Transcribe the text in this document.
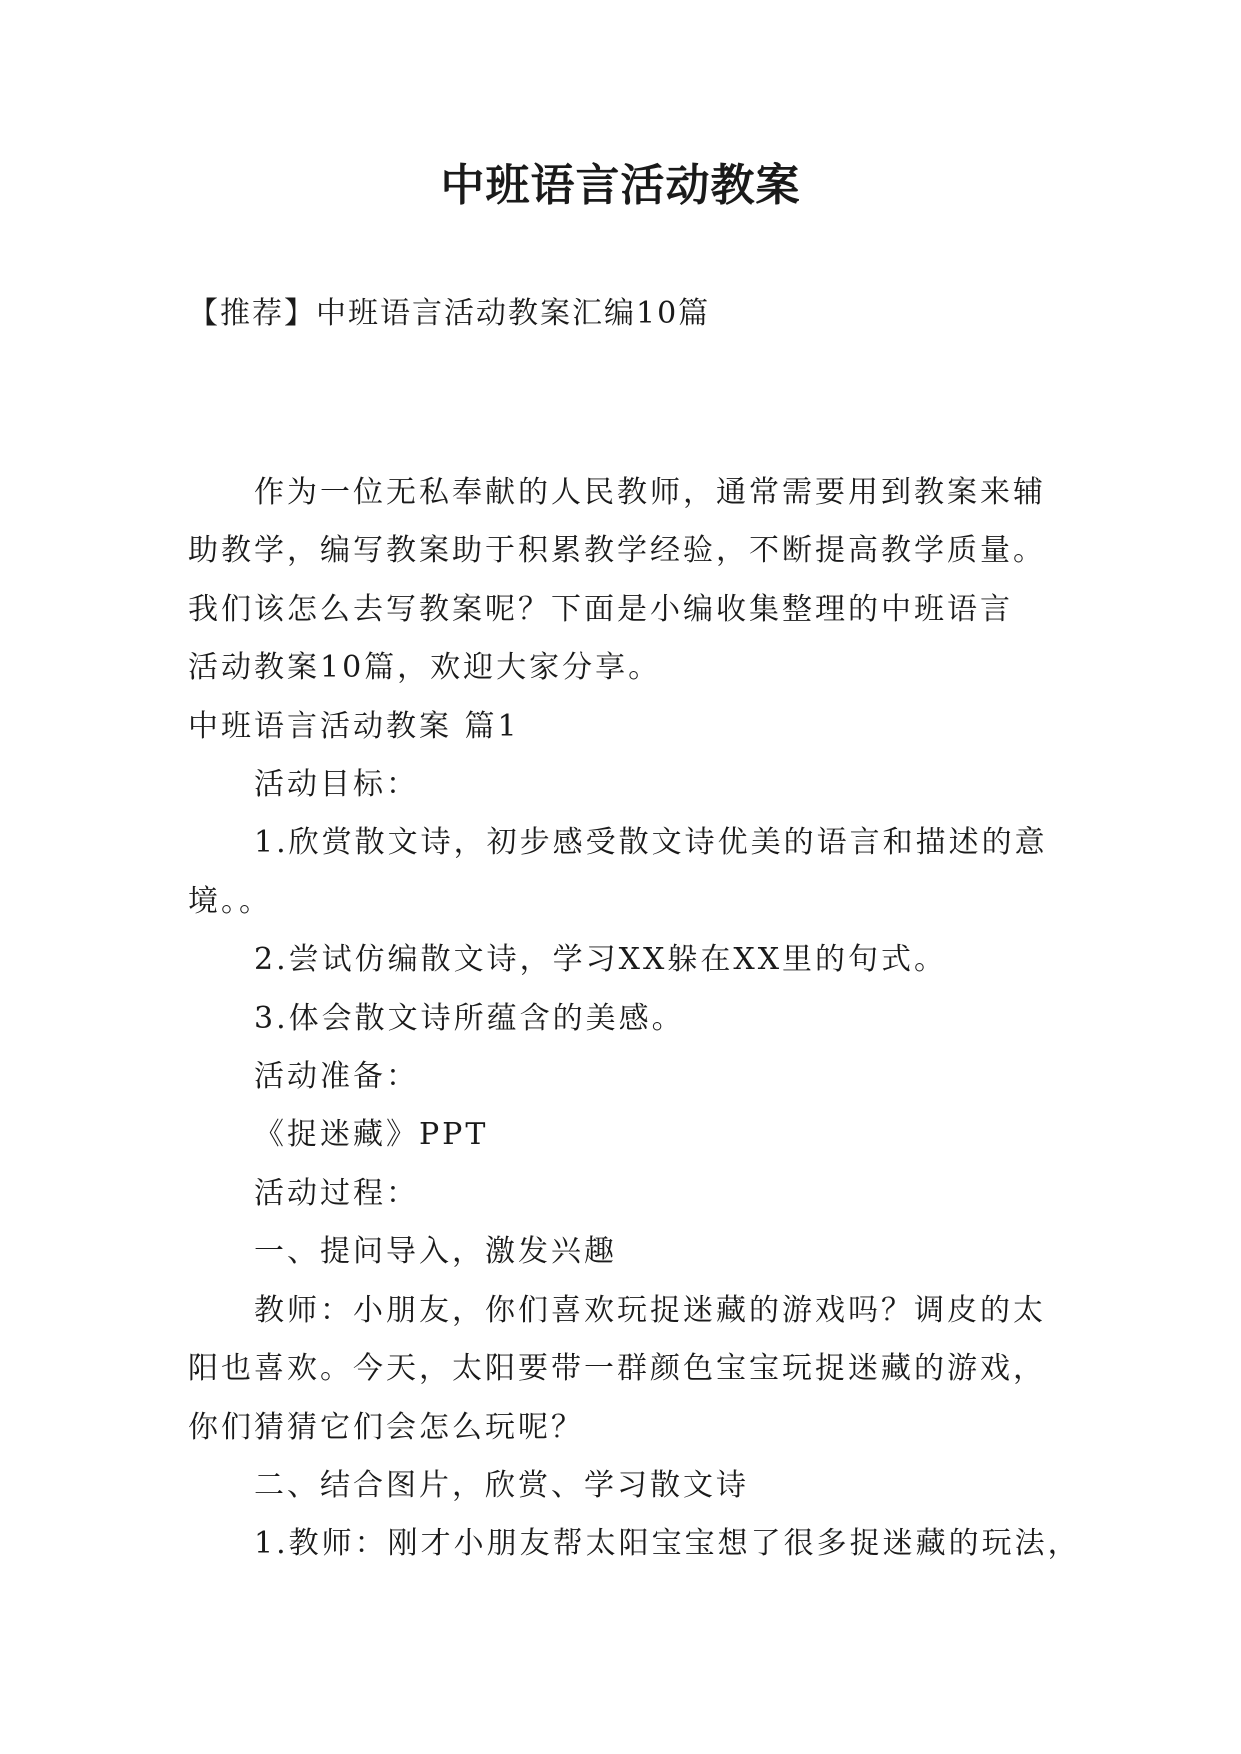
中班语言活动教案
【推荐】中班语言活动教案汇编10篇

作为一位无私奉献的人民教师，通常需要用到教案来辅

助教学，编写教案助于积累教学经验，不断提高教学质量。

我们该怎么去写教案呢？下面是小编收集整理的中班语言

活动教案10篇，欢迎大家分享。

中班语言活动教案 篇1

活动目标：

1.欣赏散文诗，初步感受散文诗优美的语言和描述的意

境。。

2.尝试仿编散文诗，学习XX躲在XX里的句式。

3.体会散文诗所蕴含的美感。

活动准备：

《捉迷藏》PPT

活动过程：

一、提问导入，激发兴趣

教师：小朋友，你们喜欢玩捉迷藏的游戏吗？调皮的太

阳也喜欢。今天，太阳要带一群颜色宝宝玩捉迷藏的游戏，

你们猜猜它们会怎么玩呢？

二、结合图片，欣赏、学习散文诗

1.教师：刚才小朋友帮太阳宝宝想了很多捉迷藏的玩法，
